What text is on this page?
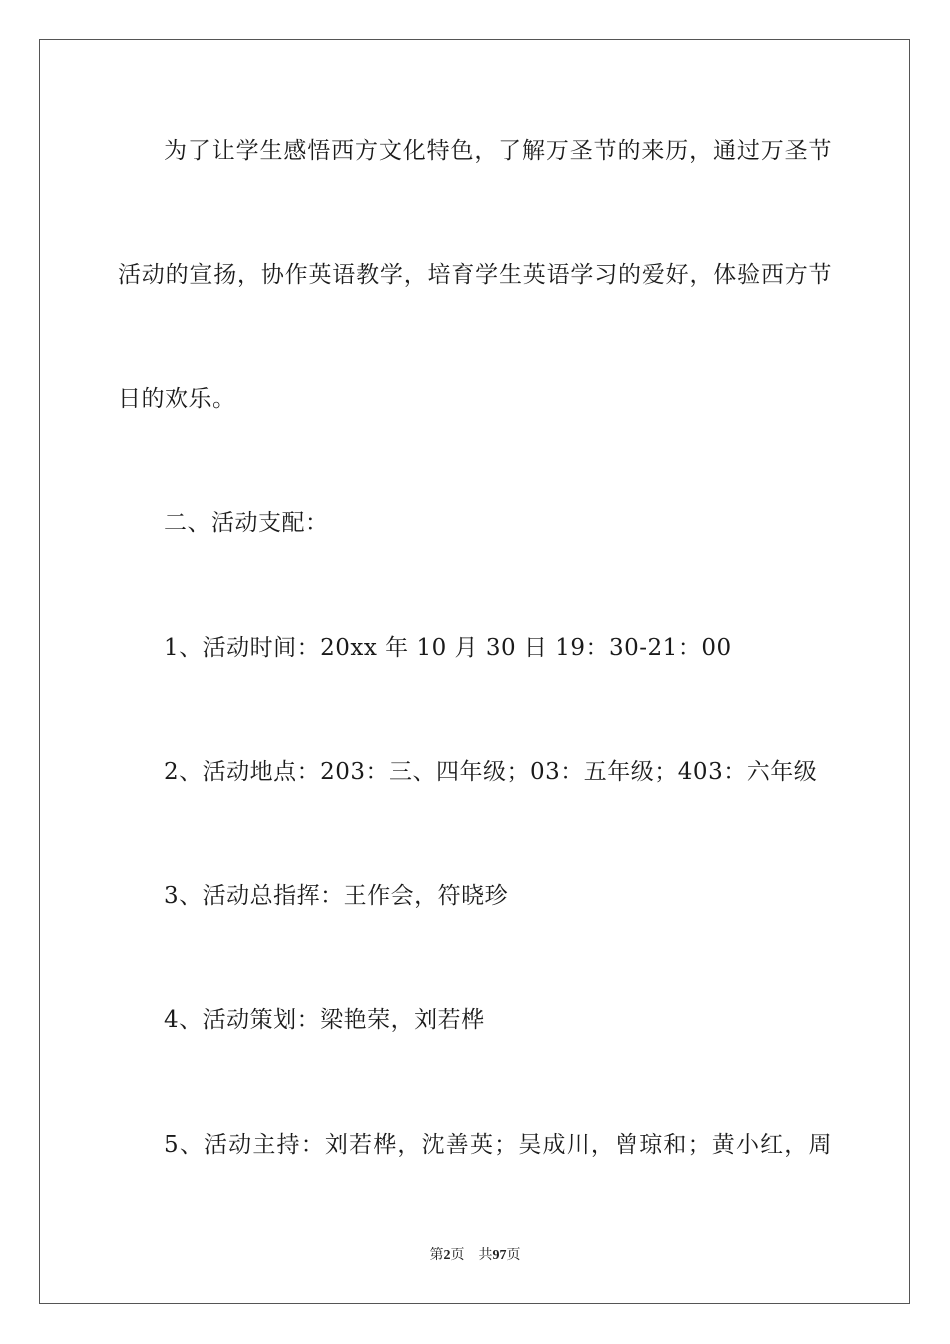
为了让学生感悟西方文化特色，了解万圣节的来历，通过万圣节
活动的宣扬，协作英语教学，培育学生英语学习的爱好，体验西方节
日的欢乐。
二、活动支配：
1、活动时间：20xx 年 10 月 30 日 19：30-21：00
2、活动地点：203：三、四年级；03：五年级；403：六年级
3、活动总指挥：王作会，符晓珍
4、活动策划：梁艳荣，刘若桦
5、活动主持：刘若桦，沈善英；吴成川，曾琼和；黄小红，周
第2页 共97页
